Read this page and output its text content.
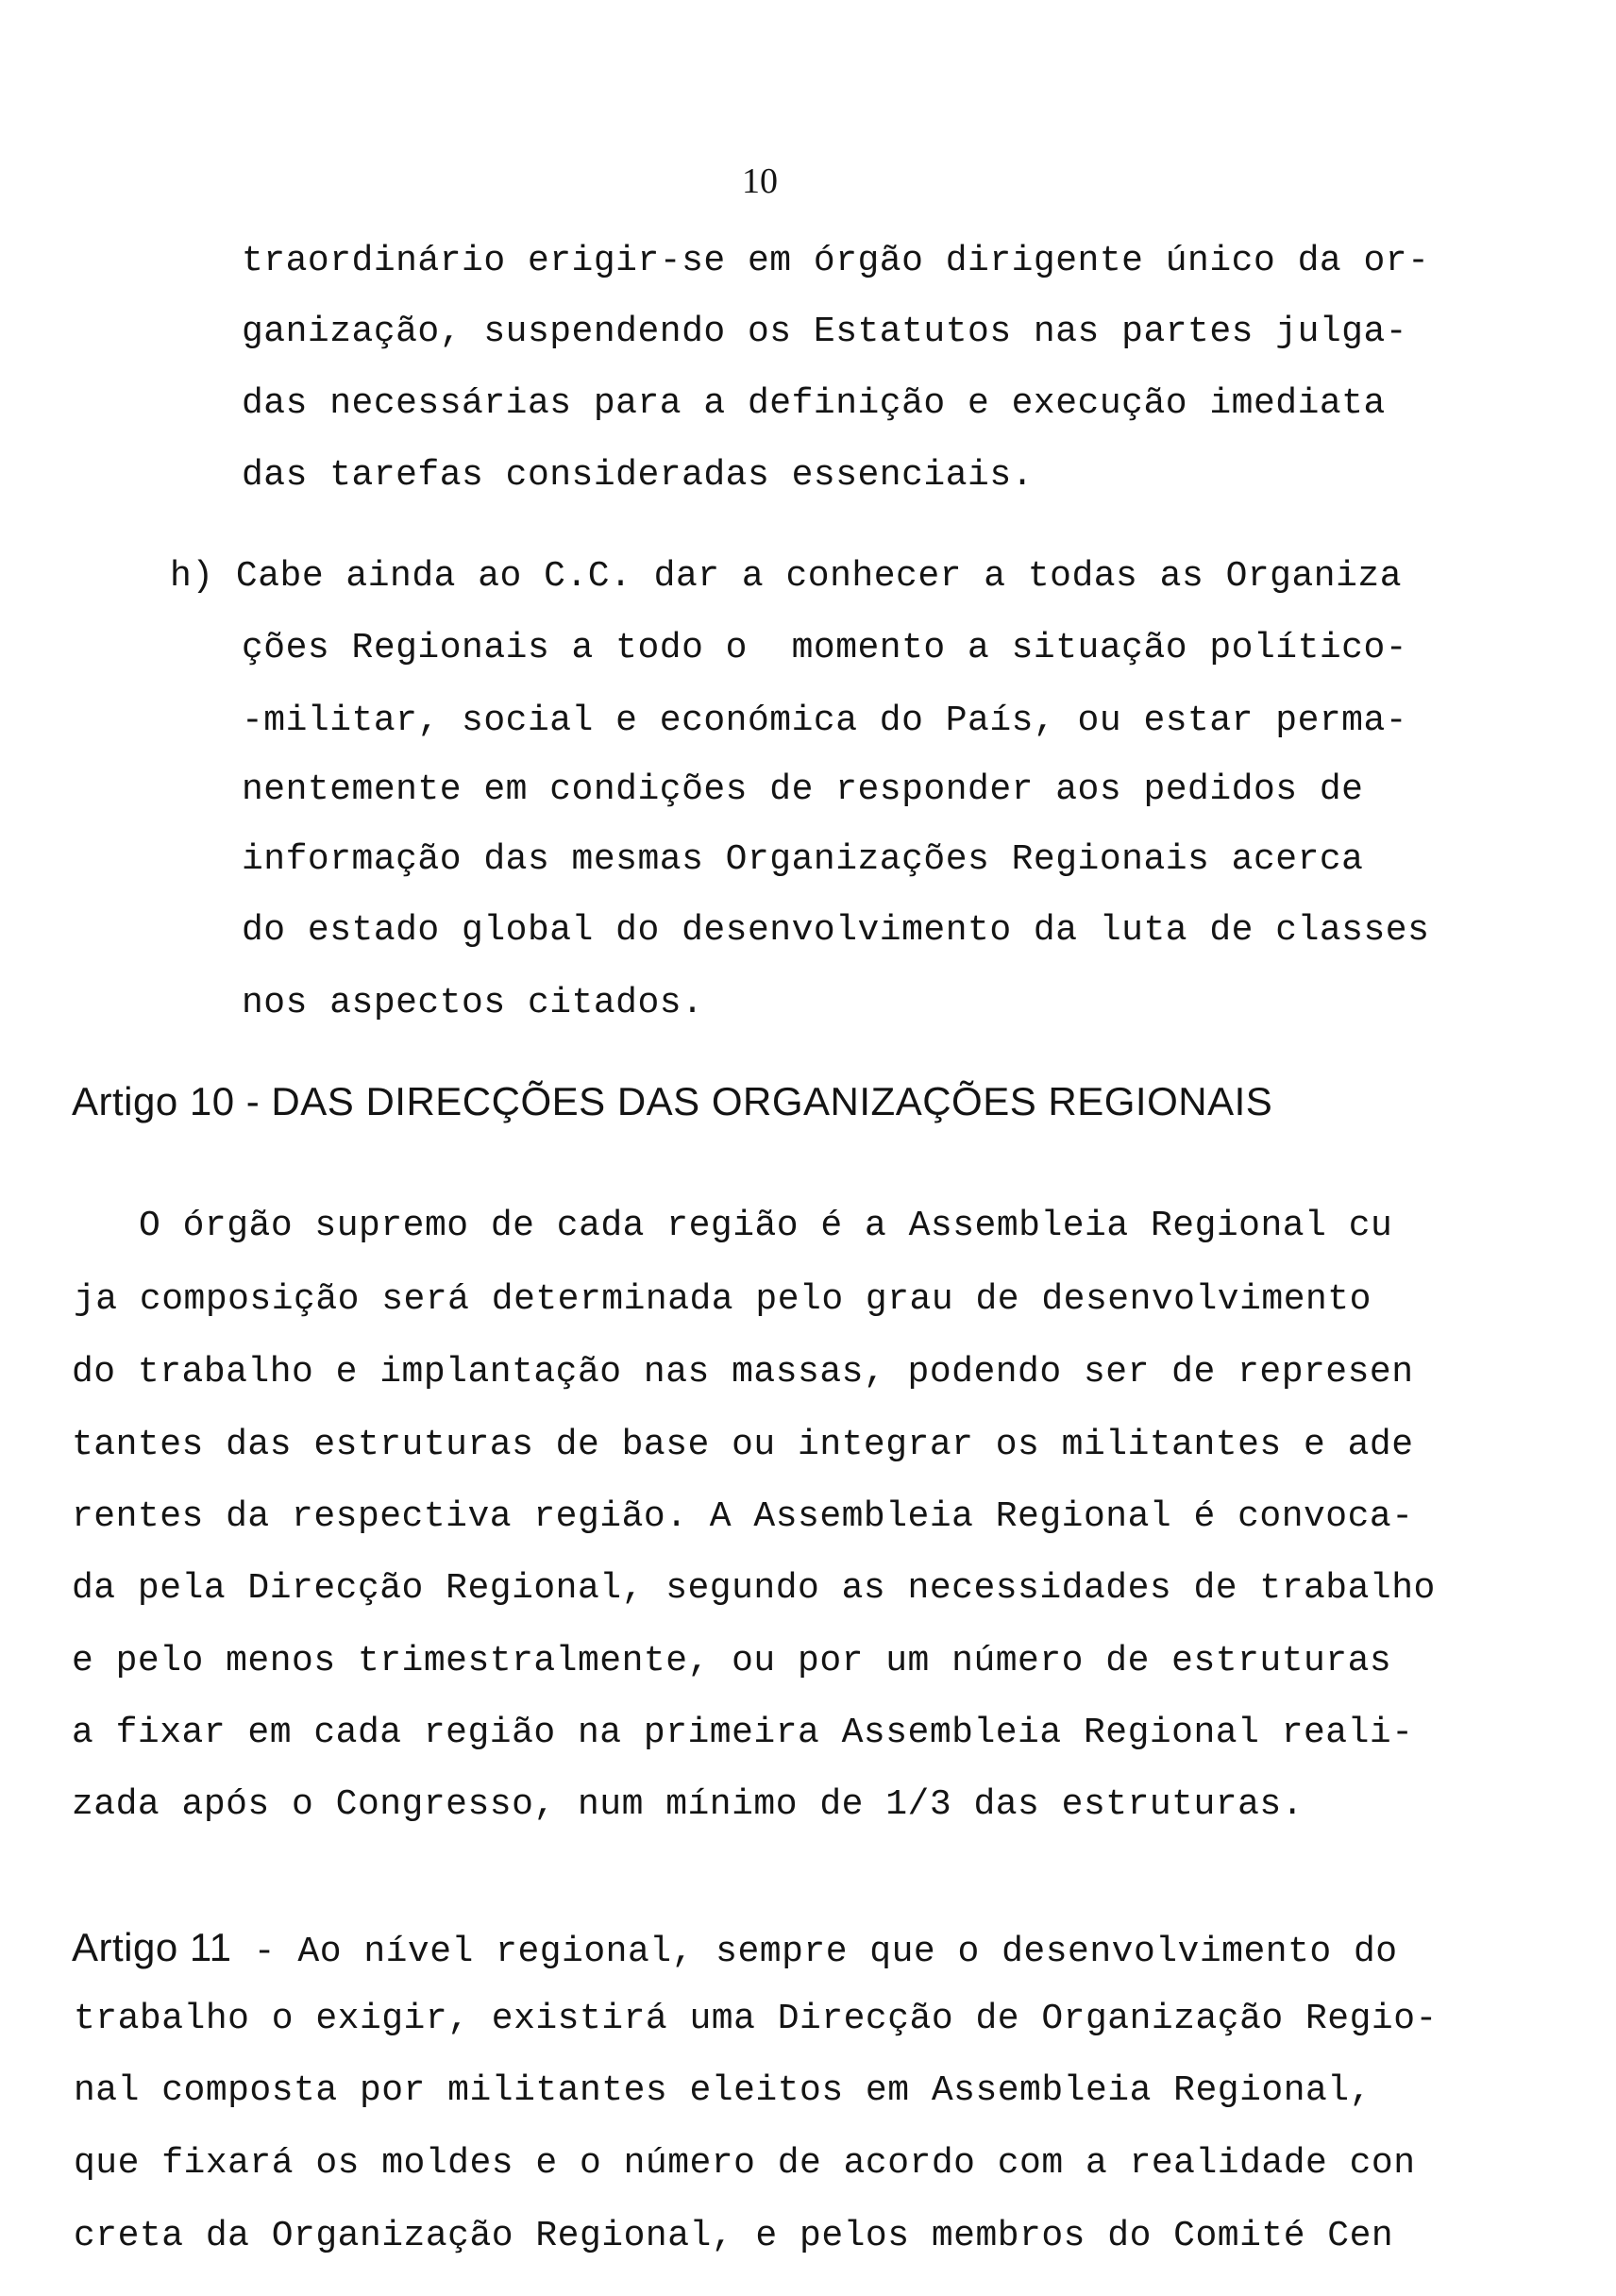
10
traordinário erigir-se em órgão dirigente único da or-
ganização, suspendendo os Estatutos nas partes julga-
das necessárias para a definição e execução imediata
das tarefas consideradas essenciais.
h) Cabe ainda ao C.C. dar a conhecer a todas as Organiza
ções Regionais a todo o  momento a situação político-
-militar, social e económica do País, ou estar perma-
nentemente em condições de responder aos pedidos de
informação das mesmas Organizações Regionais acerca
do estado global do desenvolvimento da luta de classes
nos aspectos citados.
Artigo 10 - DAS DIRECÇÕES DAS ORGANIZAÇÕES REGIONAIS
O órgão supremo de cada região é a Assembleia Regional cu
ja composição será determinada pelo grau de desenvolvimento
do trabalho e implantação nas massas, podendo ser de represen
tantes das estruturas de base ou integrar os militantes e ade
rentes da respectiva região. A Assembleia Regional é convoca-
da pela Direcção Regional, segundo as necessidades de trabalho
e pelo menos trimestralmente, ou por um número de estruturas
a fixar em cada região na primeira Assembleia Regional reali-
zada após o Congresso, num mínimo de 1/3 das estruturas.
Artigo 11 - Ao nível regional, sempre que o desenvolvimento do
trabalho o exigir, existirá uma Direcção de Organização Regio-
nal composta por militantes eleitos em Assembleia Regional,
que fixará os moldes e o número de acordo com a realidade con
creta da Organização Regional, e pelos membros do Comité Cen
